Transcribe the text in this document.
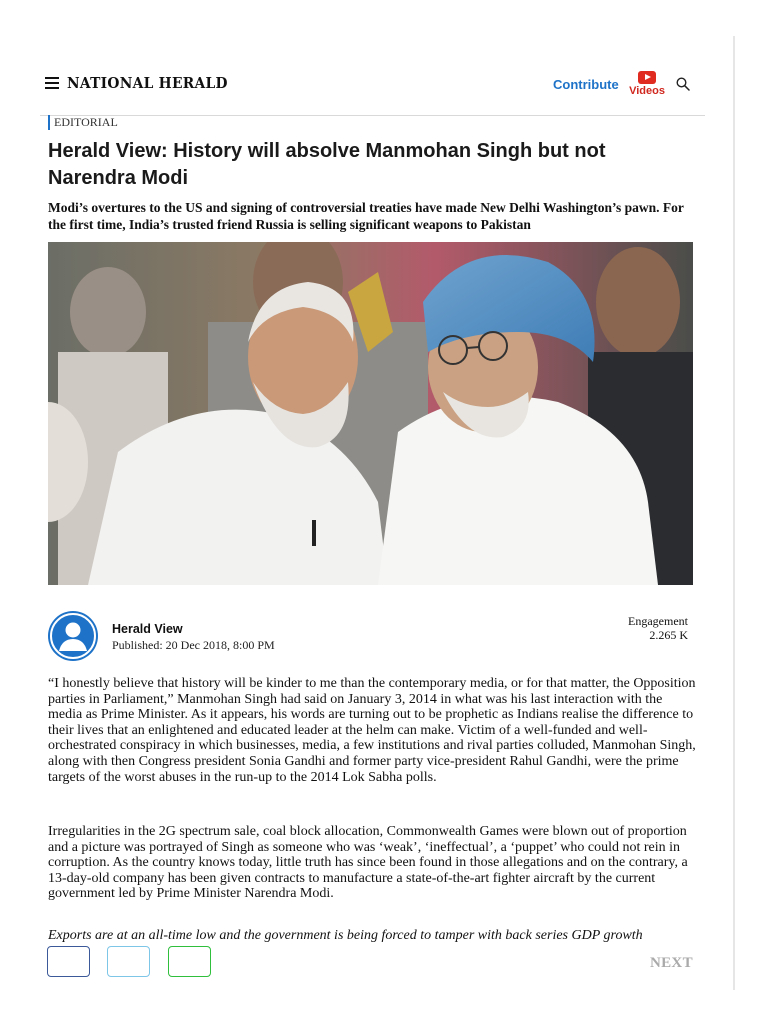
NATIONAL HERALD	Contribute Videos
EDITORIAL
Herald View: History will absolve Manmohan Singh but not Narendra Modi

Modi’s overtures to the US and signing of controversial treaties have made New Delhi Washington’s pawn. For the first time, India’s trusted friend Russia is selling significant weapons to Pakistan

Herald View
Published: 20 Dec 2018, 8:00 PM
Engagement
2.265 K

“I honestly believe that history will be kinder to me than the contemporary media, or for that matter, the Opposition parties in Parliament,” Manmohan Singh had said on January 3, 2014 in what was his last interaction with the media as Prime Minister. As it appears, his words are turning out to be prophetic as Indians realise the difference to their lives that an enlightened and educated leader at the helm can make. Victim of a well-funded and well-orchestrated conspiracy in which businesses, media, a few institutions and rival parties colluded, Manmohan Singh, along with then Congress president Sonia Gandhi and former party vice-president Rahul Gandhi, were the prime targets of the worst abuses in the run-up to the 2014 Lok Sabha polls.

Irregularities in the 2G spectrum sale, coal block allocation, Commonwealth Games were blown out of proportion and a picture was portrayed of Singh as someone who was ‘weak’, ‘ineffectual’, a ‘puppet’ who could not rein in corruption. As the country knows today, little truth has since been found in those allegations and on the contrary, a 13-day-old company has been given contracts to manufacture a state-of-the-art fighter aircraft by the current government led by Prime Minister Narendra Modi.

Exports are at an all-time low and the government is being forced to tamper with back series GDP growth

NEXT
